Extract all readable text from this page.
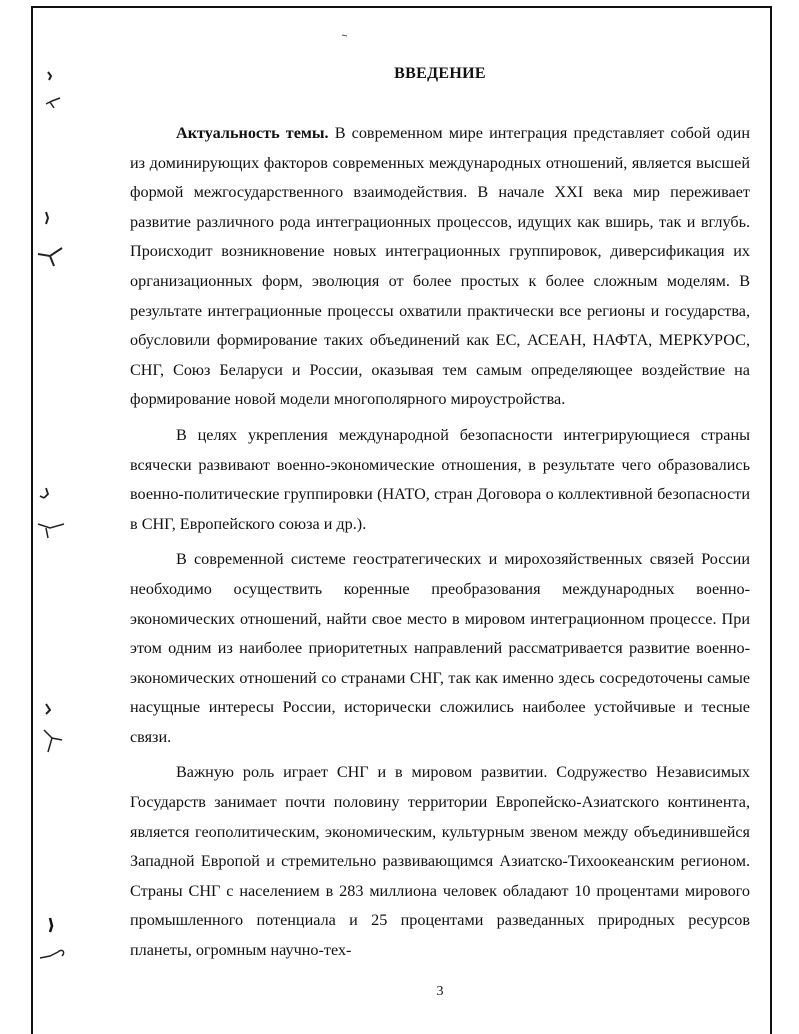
ВВЕДЕНИЕ

Актуальность темы. В современном мире интеграция представляет собой один из доминирующих факторов современных международных отношений, является высшей формой межгосударственного взаимодействия. В начале XXI века мир переживает развитие различного рода интеграционных процессов, идущих как вширь, так и вглубь. Происходит возникновение новых интеграционных группировок, диверсификация их организационных форм, эволюция от более простых к более сложным моделям. В результате интеграционные процессы охватили практически все регионы и государства, обусловили формирование таких объединений как ЕС, АСЕАН, НАФТА, МЕРКУРОС, СНГ, Союз Беларуси и России, оказывая тем самым определяющее воздействие на формирование новой модели многополярного мироустройства.

В целях укрепления международной безопасности интегрирующиеся страны всячески развивают военно-экономические отношения, в результате чего образовались военно-политические группировки (НАТО, стран Договора о коллективной безопасности в СНГ, Европейского союза и др.).

В современной системе геостратегических и мирохозяйственных связей России необходимо осуществить коренные преобразования международных военно-экономических отношений, найти свое место в мировом интеграционном процессе. При этом одним из наиболее приоритетных направлений рассматривается развитие военно-экономических отношений со странами СНГ, так как именно здесь сосредоточены самые насущные интересы России, исторически сложились наиболее устойчивые и тесные связи.

Важную роль играет СНГ и в мировом развитии. Содружество Независимых Государств занимает почти половину территории Европейско-Азиатского континента, является геополитическим, экономическим, культурным звеном между объединившейся Западной Европой и стремительно развивающимся Азиатско-Тихоокеанским регионом. Страны СНГ с населением в 283 миллиона человек обладают 10 процентами мирового промышленного потенциала и 25 процентами разведанных природных ресурсов планеты, огромным научно-тех-

3
